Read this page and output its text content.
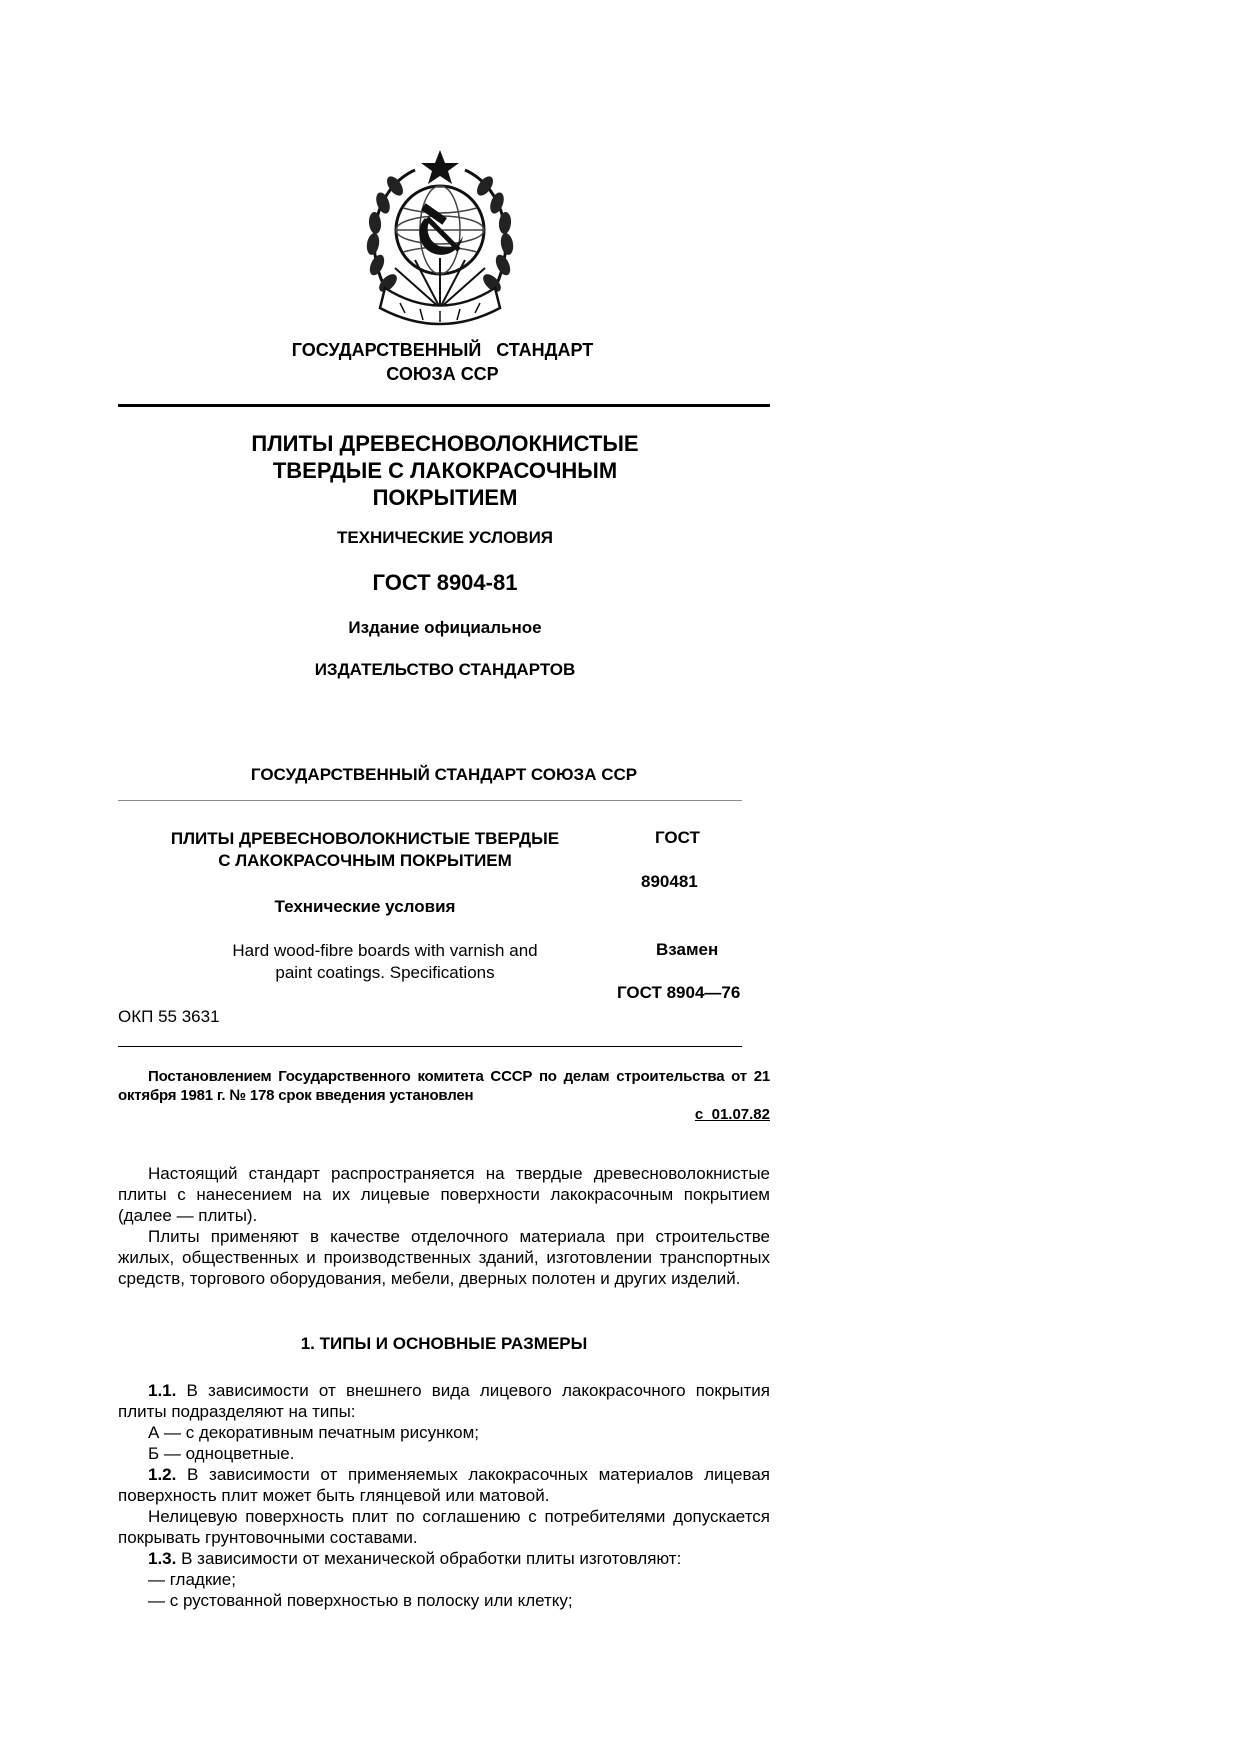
ГОСУДАРСТВЕННЫЙ   СТАНДАРТ
СОЮЗА ССР
ПЛИТЫ ДРЕВЕСНОВОЛОКНИСТЫЕ
ТВЕРДЫЕ С ЛАКОКРАСОЧНЫМ
ПОКРЫТИЕМ
ТЕХНИЧЕСКИЕ УСЛОВИЯ
ГОСТ 8904-81
Издание официальное
ИЗДАТЕЛЬСТВО СТАНДАРТОВ
ГОСУДАРСТВЕННЫЙ СТАНДАРТ СОЮЗА ССР
ПЛИТЫ ДРЕВЕСНОВОЛОКНИСТЫЕ ТВЕРДЫЕ
С ЛАКОКРАСОЧНЫМ ПОКРЫТИЕМ
Технические условия
Hard wood-fibre boards with varnish and
paint coatings. Specifications
ГОСТ
890481
Взамен
ГОСТ 8904—76
ОКП 55 3631
Постановлением Государственного комитета СССР по делам строительства от 21 октября 1981 г. № 178 срок введения установлен
с  01.07.82

Настоящий стандарт распространяется на твердые древесноволокнистые плиты с нанесением на их лицевые поверхности лакокрасочным покрытием (далее — плиты).

Плиты применяют в качестве отделочного материала при строительстве жилых, общественных и производственных зданий, изготовлении транспортных средств, торгового оборудования, мебели, дверных полотен и других изделий.

1. ТИПЫ И ОСНОВНЫЕ РАЗМЕРЫ

1.1. В зависимости от внешнего вида лицевого лакокрасочного покрытия плиты подразделяют на типы:

А — с декоративным печатным рисунком;

Б — одноцветные.

1.2. В зависимости от применяемых лакокрасочных материалов лицевая поверхность плит может быть глянцевой или матовой.

Нелицевую поверхность плит по соглашению с потребителями допускается покрывать грунтовочными составами.

1.3. В зависимости от механической обработки плиты изготовляют:

— гладкие;

— с рустованной поверхностью в полоску или клетку;
